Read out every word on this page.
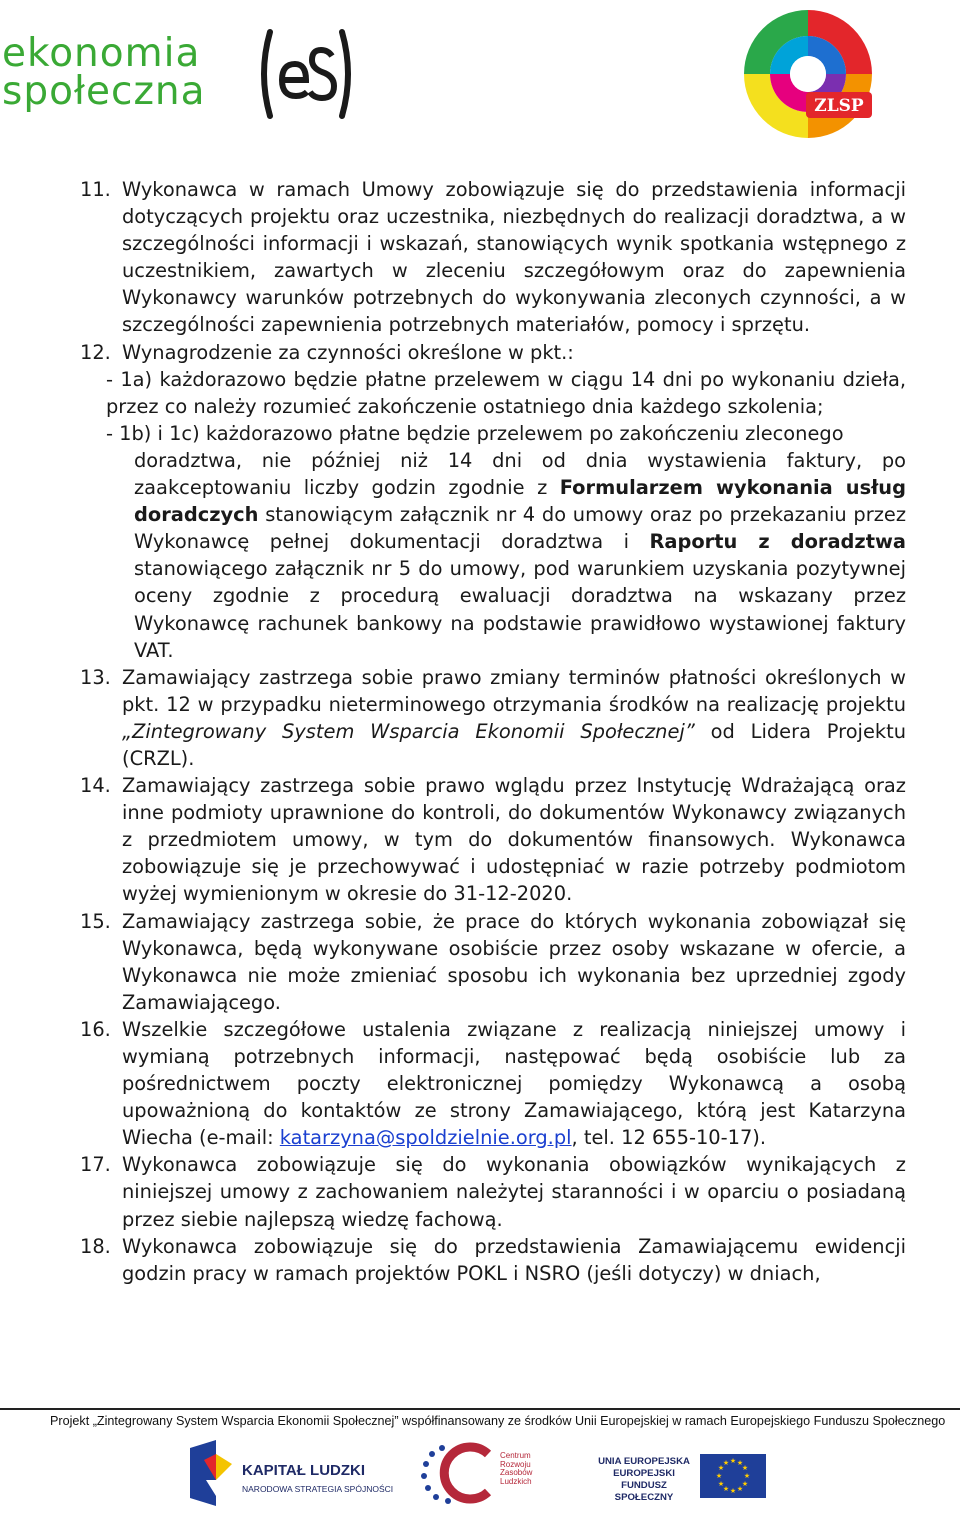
ekonomia
społeczna	ZLSP
11. Wykonawca w ramach Umowy zobowiązuje się do przedstawienia informacji dotyczących projektu oraz uczestnika, niezbędnych do realizacji doradztwa, a w szczególności informacji i wskazań, stanowiących wynik spotkania wstępnego z uczestnikiem, zawartych w zleceniu szczegółowym oraz do zapewnienia Wykonawcy warunków potrzebnych do wykonywania zleconych czynności, a w szczególności zapewnienia potrzebnych materiałów, pomocy i sprzętu.
12. Wynagrodzenie za czynności określone w pkt.:
- 1a) każdorazowo będzie płatne przelewem w ciągu 14 dni po wykonaniu dzieła, przez co należy rozumieć zakończenie ostatniego dnia każdego szkolenia;
- 1b) i 1c) każdorazowo płatne będzie przelewem po zakończeniu zleconego
doradztwa, nie później niż 14 dni od dnia wystawienia faktury, po zaakceptowaniu liczby godzin zgodnie z Formularzem wykonania usług doradczych stanowiącym załącznik nr 4 do umowy oraz po przekazaniu przez Wykonawcę pełnej dokumentacji doradztwa i Raportu z doradztwa stanowiącego załącznik nr 5 do umowy, pod warunkiem uzyskania pozytywnej oceny zgodnie z procedurą ewaluacji doradztwa na wskazany przez Wykonawcę rachunek bankowy na podstawie prawidłowo wystawionej faktury VAT.
13. Zamawiający zastrzega sobie prawo zmiany terminów płatności określonych w pkt. 12 w przypadku nieterminowego otrzymania środków na realizację projektu „Zintegrowany System Wsparcia Ekonomii Społecznej” od Lidera Projektu (CRZL).
14. Zamawiający zastrzega sobie prawo wglądu przez Instytucję Wdrażającą oraz inne podmioty uprawnione do kontroli, do dokumentów Wykonawcy związanych z przedmiotem umowy, w tym do dokumentów finansowych. Wykonawca zobowiązuje się je przechowywać i udostępniać w razie potrzeby podmiotom wyżej wymienionym w okresie do 31-12-2020.
15. Zamawiający zastrzega sobie, że prace do których wykonania zobowiązał się Wykonawca, będą wykonywane osobiście przez osoby wskazane w ofercie, a Wykonawca nie może zmieniać sposobu ich wykonania bez uprzedniej zgody Zamawiającego.
16. Wszelkie szczegółowe ustalenia związane z realizacją niniejszej umowy i wymianą potrzebnych informacji, następować będą osobiście lub za pośrednictwem poczty elektronicznej pomiędzy Wykonawcą a osobą upoważnioną do kontaktów ze strony Zamawiającego, którą jest Katarzyna Wiecha (e-mail: katarzyna@spoldzielnie.org.pl, tel. 12 655-10-17).
17. Wykonawca zobowiązuje się do wykonania obowiązków wynikających z niniejszej umowy z zachowaniem należytej staranności i w oparciu o posiadaną przez siebie najlepszą wiedzę fachową.
18. Wykonawca zobowiązuje się do przedstawienia Zamawiającemu ewidencji godzin pracy w ramach projektów POKL i NSRO (jeśli dotyczy) w dniach,
Projekt „Zintegrowany System Wsparcia Ekonomii Społecznej” współfinansowany ze środków Unii Europejskiej w ramach Europejskiego Funduszu Społecznego
KAPITAŁ LUDZKI
NARODOWA STRATEGIA SPÓJNOŚCI
Centrum
Rozwoju
Zasobów
Ludzkich
UNIA EUROPEJSKA
EUROPEJSKI
FUNDUSZ SPOŁECZNY
★ ★
★
★
★
★
★
★
★
★
★
★
